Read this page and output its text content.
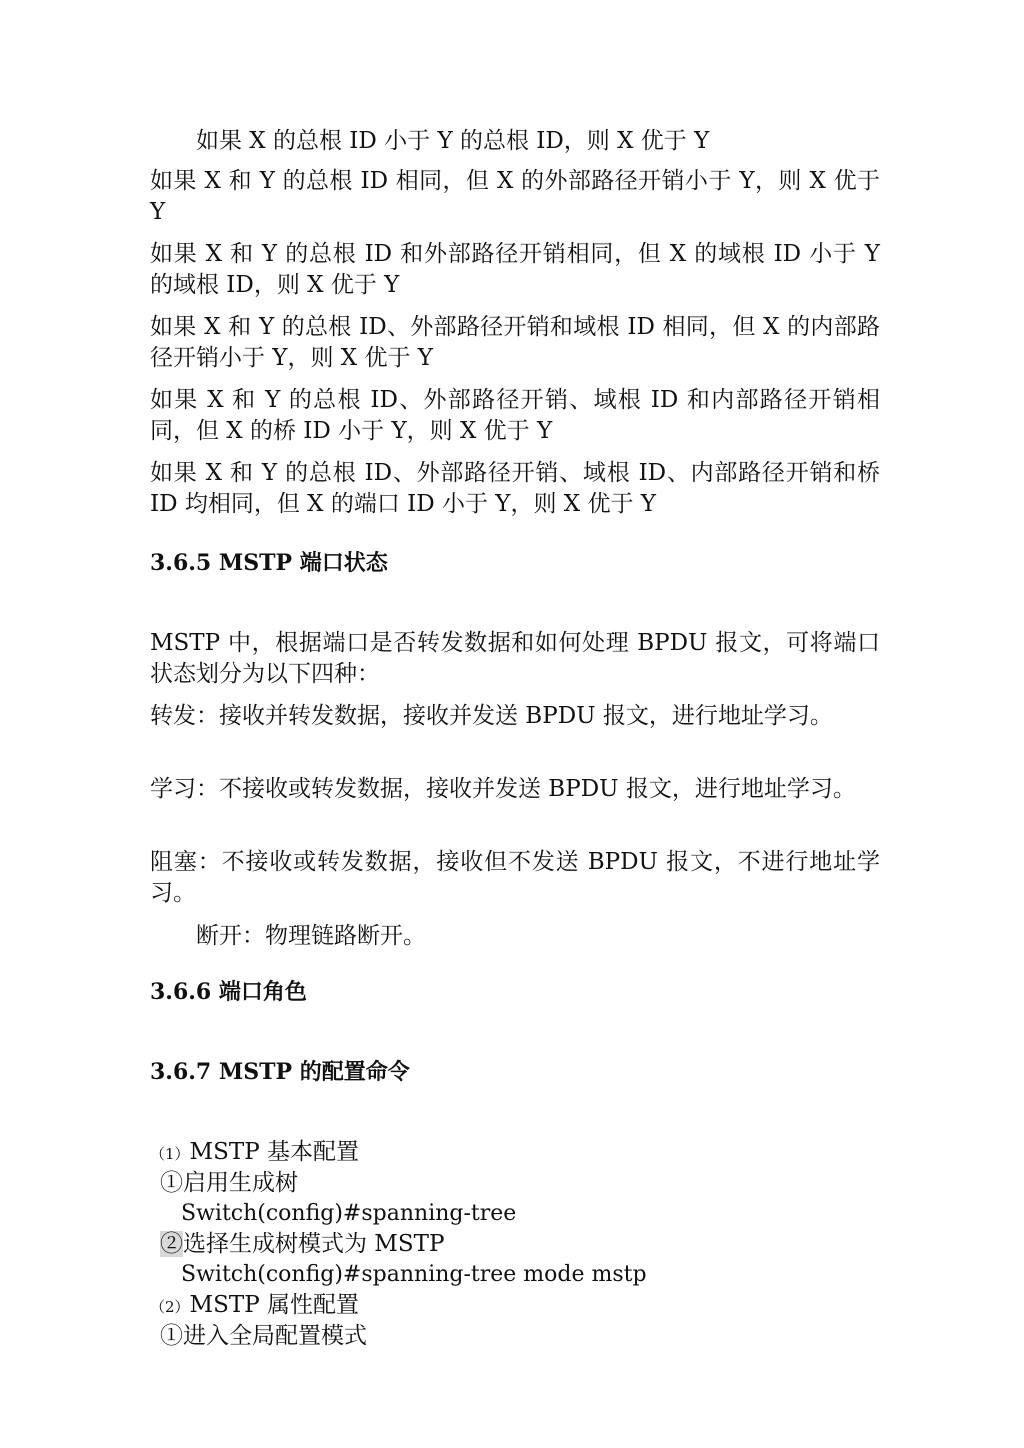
　　如果 X 的总根 ID 小于 Y 的总根 ID，则 X 优于 Y

如果 X 和 Y 的总根 ID 相同，但 X 的外部路径开销小于 Y，则 X 优于 Y

如果 X 和 Y 的总根 ID 和外部路径开销相同，但 X 的域根 ID 小于 Y 的域根 ID，则 X 优于 Y

如果 X 和 Y 的总根 ID、外部路径开销和域根 ID 相同，但 X 的内部路径开销小于 Y，则 X 优于 Y

如果 X 和 Y 的总根 ID、外部路径开销、域根 ID 和内部路径开销相同，但 X 的桥 ID 小于 Y，则 X 优于 Y

如果 X 和 Y 的总根 ID、外部路径开销、域根 ID、内部路径开销和桥 ID 均相同，但 X 的端口 ID 小于 Y，则 X 优于 Y

3.6.5 MSTP 端口状态

MSTP 中，根据端口是否转发数据和如何处理 BPDU 报文，可将端口状态划分为以下四种：

转发：接收并转发数据，接收并发送 BPDU 报文，进行地址学习。

学习：不接收或转发数据，接收并发送 BPDU 报文，进行地址学习。

阻塞：不接收或转发数据，接收但不发送 BPDU 报文，不进行地址学习。

　　断开：物理链路断开。

3.6.6 端口角色
3.6.7 MSTP 的配置命令
（1）MSTP 基本配置
①启用生成树
Switch(config)#spanning-tree
②选择生成树模式为 MSTP
Switch(config)#spanning-tree mode mstp
（2）MSTP 属性配置
①进入全局配置模式
